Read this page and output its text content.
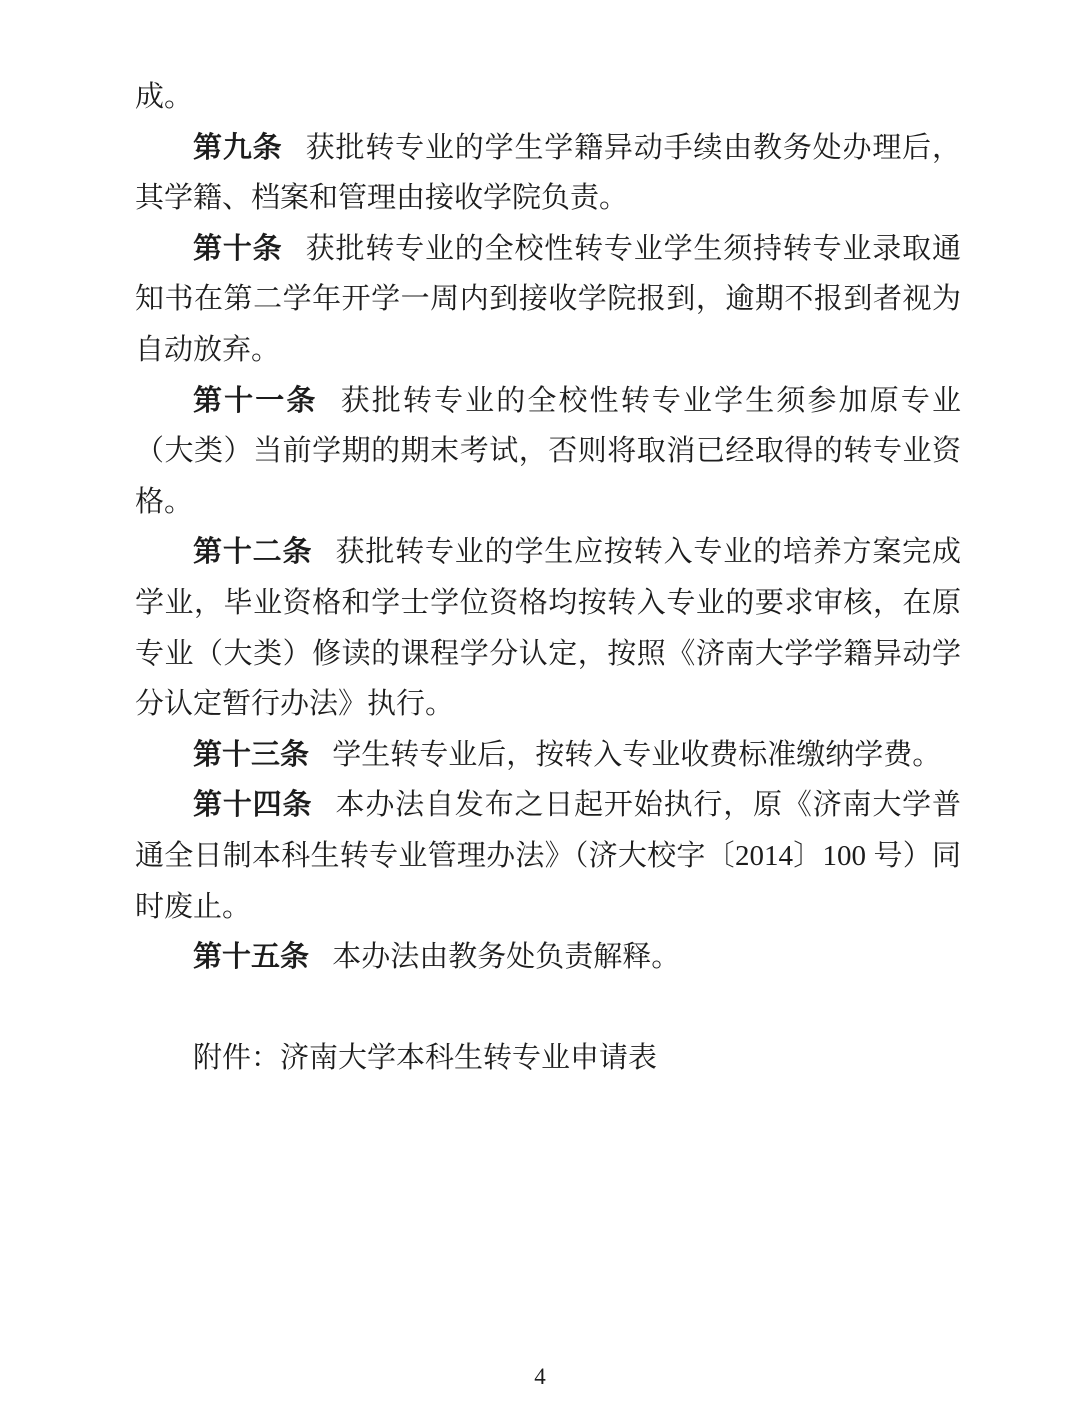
成。

第九条 获批转专业的学生学籍异动手续由教务处办理后，其学籍、档案和管理由接收学院负责。

第十条 获批转专业的全校性转专业学生须持转专业录取通知书在第二学年开学一周内到接收学院报到，逾期不报到者视为自动放弃。

第十一条 获批转专业的全校性转专业学生须参加原专业（大类）当前学期的期末考试，否则将取消已经取得的转专业资格。

第十二条 获批转专业的学生应按转入专业的培养方案完成学业，毕业资格和学士学位资格均按转入专业的要求审核，在原专业（大类）修读的课程学分认定，按照《济南大学学籍异动学分认定暂行办法》执行。

第十三条 学生转专业后，按转入专业收费标准缴纳学费。

第十四条 本办法自发布之日起开始执行，原《济南大学普通全日制本科生转专业管理办法》（济大校字〔2014〕100 号）同时废止。

第十五条 本办法由教务处负责解释。

附件：济南大学本科生转专业申请表

4
